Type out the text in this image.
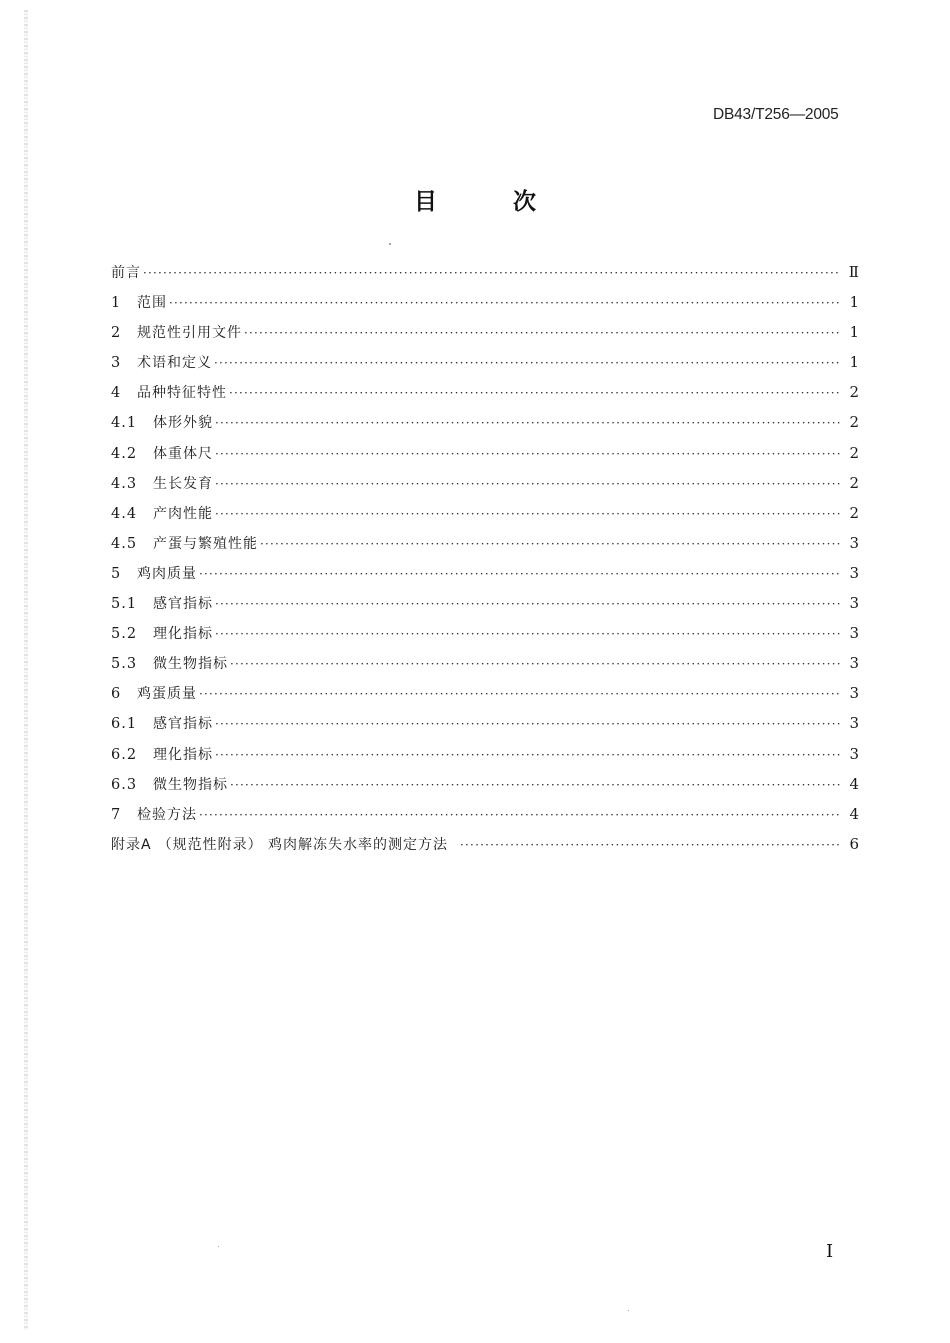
DB43/T256—2005
目	次
前言 ·····	Ⅱ
1	范围 ·····	1
2	规范性引用文件 ·····	1
3	术语和定义 ·····	1
4	品种特征特性 ·····	2
4.1	体形外貌 ·····	2
4.2	体重体尺 ·····	2
4.3	生长发育 ·····	2
4.4	产肉性能 ·····	2
4.5	产蛋与繁殖性能 ·····	3
5	鸡肉质量 ·····	3
5.1	感官指标 ·····	3
5.2	理化指标 ·····	3
5.3	微生物指标 ·····	3
6	鸡蛋质量 ·····	3
6.1	感官指标 ·····	3
6.2	理化指标 ·····	3
6.3	微生物指标 ·····	4
7	检验方法 ·····	4
附录A （规范性附录） 鸡肉解冻失水率的测定方法 ·····	6
I
